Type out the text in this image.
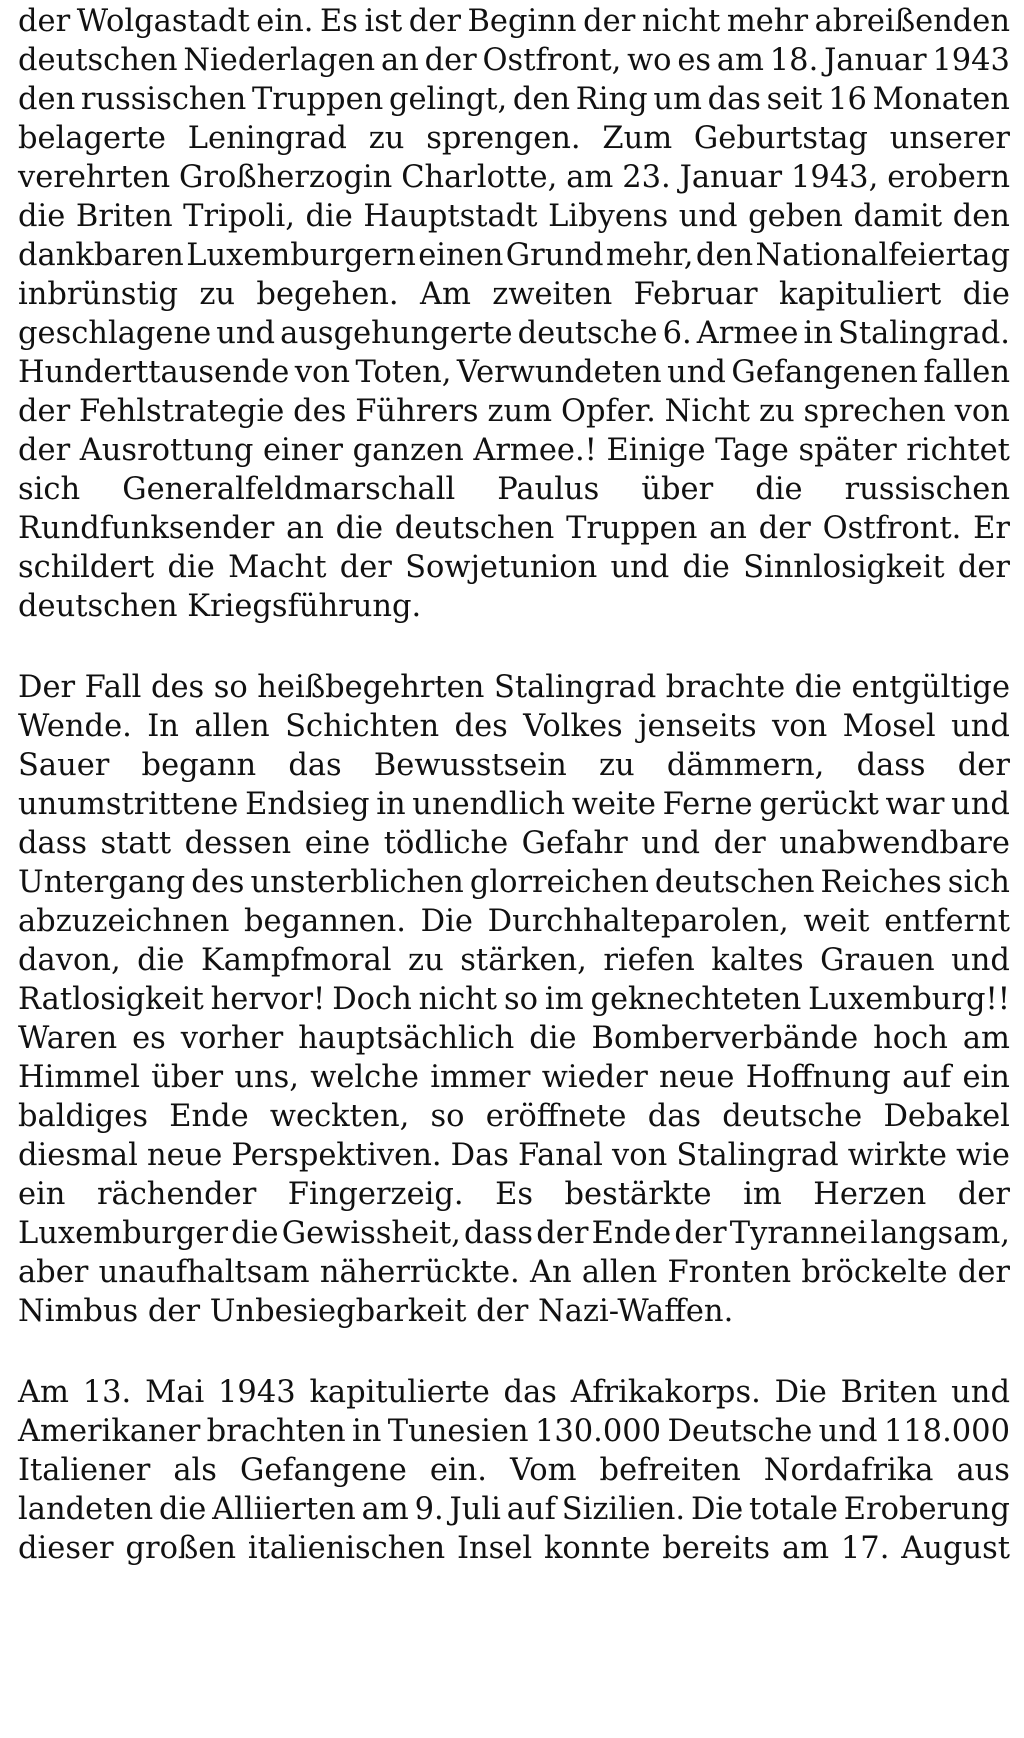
der Wolgastadt ein. Es ist der Beginn der nicht mehr abreißenden
deutschen Niederlagen an der Ostfront, wo es am 18. Januar 1943
den russischen Truppen gelingt, den Ring um das seit 16 Monaten
belagerte Leningrad zu sprengen. Zum Geburtstag unserer
verehrten Großherzogin Charlotte, am 23. Januar 1943, erobern
die Briten Tripoli, die Hauptstadt Libyens und geben damit den
dankbaren Luxemburgern einen Grund mehr, den Nationalfeiertag
inbrünstig zu begehen. Am zweiten Februar kapituliert die
geschlagene und ausgehungerte deutsche 6. Armee in Stalingrad.
Hunderttausende von Toten, Verwundeten und Gefangenen fallen
der Fehlstrategie des Führers zum Opfer. Nicht zu sprechen von
der Ausrottung einer ganzen Armee.! Einige Tage später richtet
sich Generalfeldmarschall Paulus über die russischen
Rundfunksender an die deutschen Truppen an der Ostfront. Er
schildert die Macht der Sowjetunion und die Sinnlosigkeit der
deutschen Kriegsführung.
Der Fall des so heißbegehrten Stalingrad brachte die entgültige
Wende. In allen Schichten des Volkes jenseits von Mosel und
Sauer begann das Bewusstsein zu dämmern, dass der
unumstrittene Endsieg in unendlich weite Ferne gerückt war und
dass statt dessen eine tödliche Gefahr und der unabwendbare
Untergang des unsterblichen glorreichen deutschen Reiches sich
abzuzeichnen begannen. Die Durchhalteparolen, weit entfernt
davon, die Kampfmoral zu stärken, riefen kaltes Grauen und
Ratlosigkeit hervor! Doch nicht so im geknechteten Luxemburg!!
Waren es vorher hauptsächlich die Bomberverbände hoch am
Himmel über uns, welche immer wieder neue Hoffnung auf ein
baldiges Ende weckten, so eröffnete das deutsche Debakel
diesmal neue Perspektiven. Das Fanal von Stalingrad wirkte wie
ein rächender Fingerzeig. Es bestärkte im Herzen der
Luxemburger die Gewissheit, dass der Ende der Tyrannei langsam,
aber unaufhaltsam näherrückte. An allen Fronten bröckelte der
Nimbus der Unbesiegbarkeit der Nazi-Waffen.
Am 13. Mai 1943 kapitulierte das Afrikakorps. Die Briten und
Amerikaner brachten in Tunesien 130.000 Deutsche und 118.000
Italiener als Gefangene ein. Vom befreiten Nordafrika aus
landeten die Alliierten am 9. Juli auf Sizilien. Die totale Eroberung
dieser großen italienischen Insel konnte bereits am 17. August
